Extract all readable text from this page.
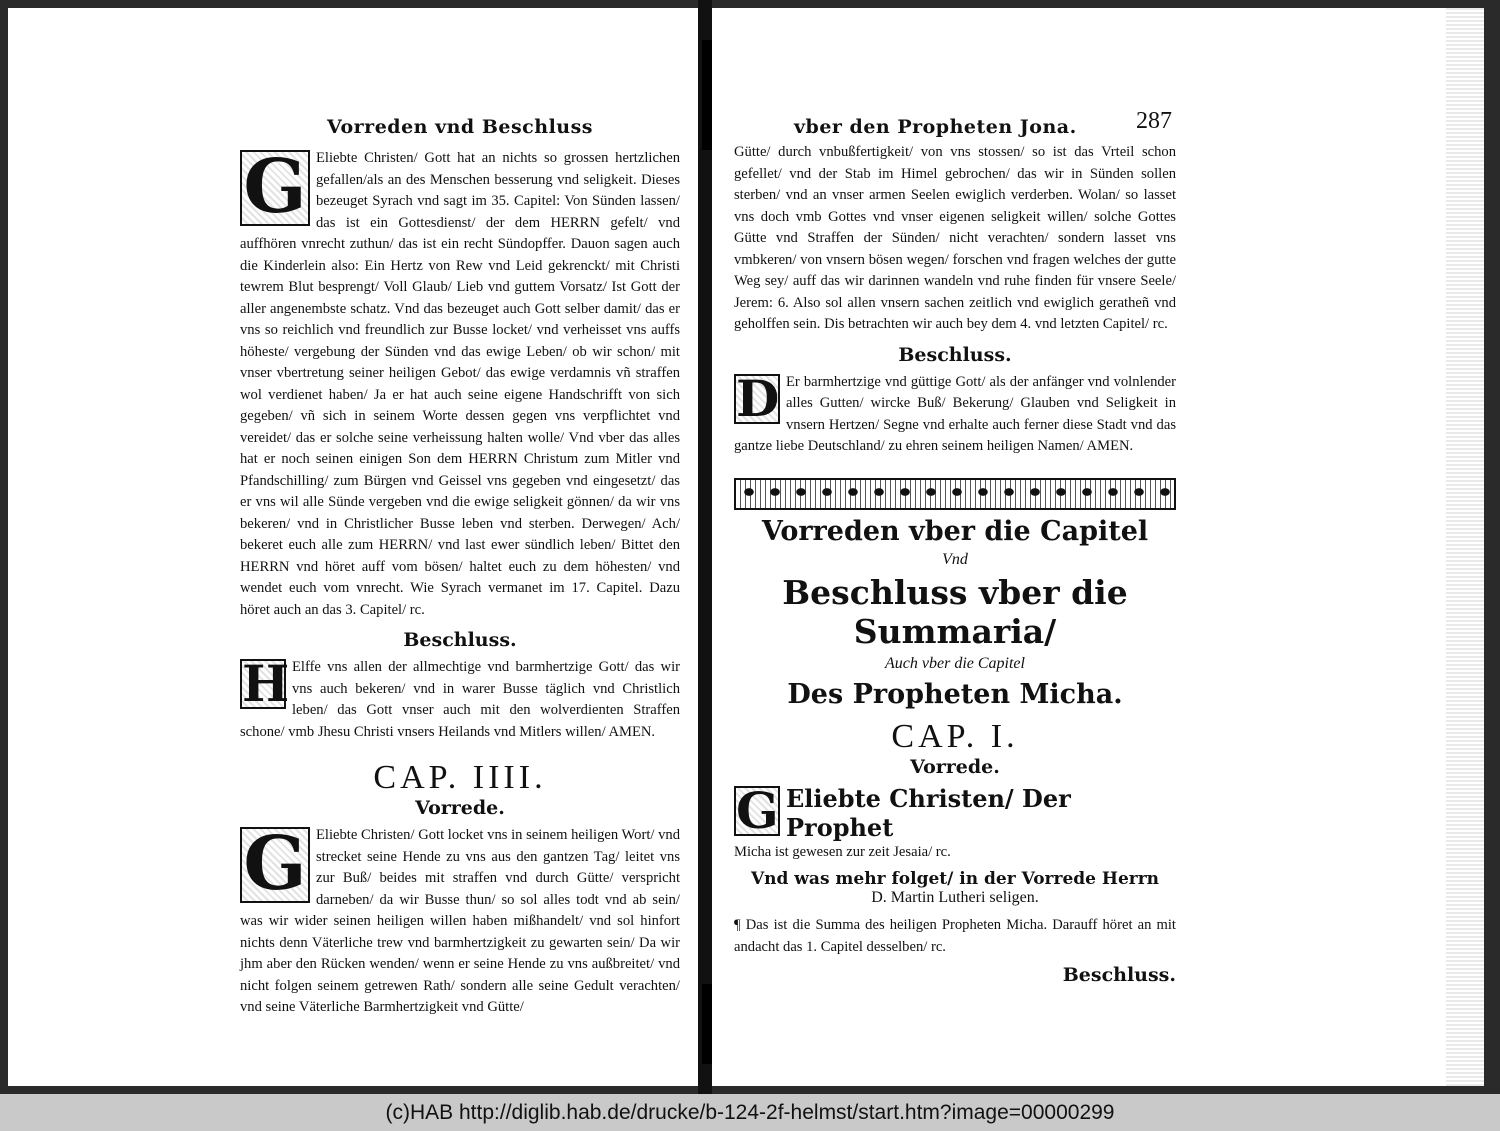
Vorreden vnd Beschluss
G Eliebte Christen/ Gott hat an nichts so grossen hertzlichen gefallen/als an des Menschen besserung vnd seligkeit. Dieses bezeuget Syrach vnd sagt im 35. Capitel: Von Sünden lassen/ das ist ein Gottesdienst/ der dem HERRN gefelt/ vnd auffhören vnrecht zuthun/ das ist ein recht Sündopffer. Dauon sagen auch die Kinderlein also: Ein Hertz von Rew vnd Leid gekrenckt/ mit Christi tewrem Blut besprengt/ Voll Glaub/ Lieb vnd guttem Vorsatz/ Ist Gott der aller angenembste schatz. Vnd das bezeuget auch Gott selber damit/ das er vns so reichlich vnd freundlich zur Busse locket/ vnd verheisset vns auffs höheste/ vergebung der Sünden vnd das ewige Leben/ ob wir schon/ mit vnser vbertretung seiner heiligen Gebot/ das ewige verdamnis vñ straffen wol verdienet haben/ Ja er hat auch seine eigene Handschrifft von sich gegeben/ vñ sich in seinem Worte dessen gegen vns verpflichtet vnd vereidet/ das er solche seine verheissung halten wolle/ Vnd vber das alles hat er noch seinen einigen Son dem HERRN Christum zum Mitler vnd Pfandschilling/ zum Bürgen vnd Geissel vns gegeben vnd eingesetzt/ das er vns wil alle Sünde vergeben vnd die ewige seligkeit gönnen/ da wir vns bekeren/ vnd in Christlicher Busse leben vnd sterben. Derwegen/ Ach/ bekeret euch alle zum HERRN/ vnd last ewer sündlich leben/ Bittet den HERRN vnd höret auff vom bösen/ haltet euch zu dem höhesten/ vnd wendet euch vom vnrecht. Wie Syrach vermanet im 17. Capitel. Dazu höret auch an das 3. Capitel/ rc.

Beschluss.
H Elffe vns allen der allmechtige vnd barmhertzige Gott/ das wir vns auch bekeren/ vnd in warer Busse täglich vnd Christlich leben/ das Gott vnser auch mit den wolverdienten Straffen schone/ vmb Jhesu Christi vnsers Heilands vnd Mitlers willen/ AMEN.

CAP. IIII.
Vorrede.
G Eliebte Christen/ Gott locket vns in seinem heiligen Wort/ vnd strecket seine Hende zu vns aus den gantzen Tag/ leitet vns zur Buß/ beides mit straffen vnd durch Gütte/ verspricht darneben/ da wir Busse thun/ so sol alles todt vnd ab sein/ was wir wider seinen heiligen willen haben mißhandelt/ vnd sol hinfort nichts denn Väterliche trew vnd barmhertzigkeit zu gewarten sein/ Da wir jhm aber den Rücken wenden/ wenn er seine Hende zu vns außbreitet/ vnd nicht folgen seinem getrewen Rath/ sondern alle seine Gedult verachten/ vnd seine Väterliche Barmhertzigkeit vnd Gütte/

vber den Propheten Jona. 287

Gütte/ durch vnbußfertigkeit/ von vns stossen/ so ist das Vrteil schon gefellet/ vnd der Stab im Himel gebrochen/ das wir in Sünden sollen sterben/ vnd an vnser armen Seelen ewiglich verderben. Wolan/ so lasset vns doch vmb Gottes vnd vnser eigenen seligkeit willen/ solche Gottes Gütte vnd Straffen der Sünden/ nicht verachten/ sondern lasset vns vmbkeren/ von vnsern bösen wegen/ forschen vnd fragen welches der gutte Weg sey/ auff das wir darinnen wandeln vnd ruhe finden für vnsere Seele/ Jerem: 6. Also sol allen vnsern sachen zeitlich vnd ewiglich geratheñ vnd geholffen sein. Dis betrachten wir auch bey dem 4. vnd letzten Capitel/ rc.

Beschluss.
D Er barmhertzige vnd güttige Gott/ als der anfänger vnd volnlender alles Gutten/ wircke Buß/ Bekerung/ Glauben vnd Seligkeit in vnsern Hertzen/ Segne vnd erhalte auch ferner diese Stadt vnd das gantze liebe Deutschland/ zu ehren seinem heiligen Namen/ AMEN.

Vorreden vber die Capitel
Vnd
Beschluss vber die Summaria/
Auch vber die Capitel
Des Propheten Micha.
CAP. I.
Vorrede.
G Eliebte Christen/ Der Prophet
Micha ist gewesen zur zeit Jesaia/ rc.
Vnd was mehr folget/ in der Vorrede Herrn
D. Martin Lutheri seligen.

¶ Das ist die Summa des heiligen Propheten Micha. Darauff höret an mit andacht das 1. Capitel desselben/ rc.

Beschluss.
(c)HAB http://diglib.hab.de/drucke/b-124-2f-helmst/start.htm?image=00000299
